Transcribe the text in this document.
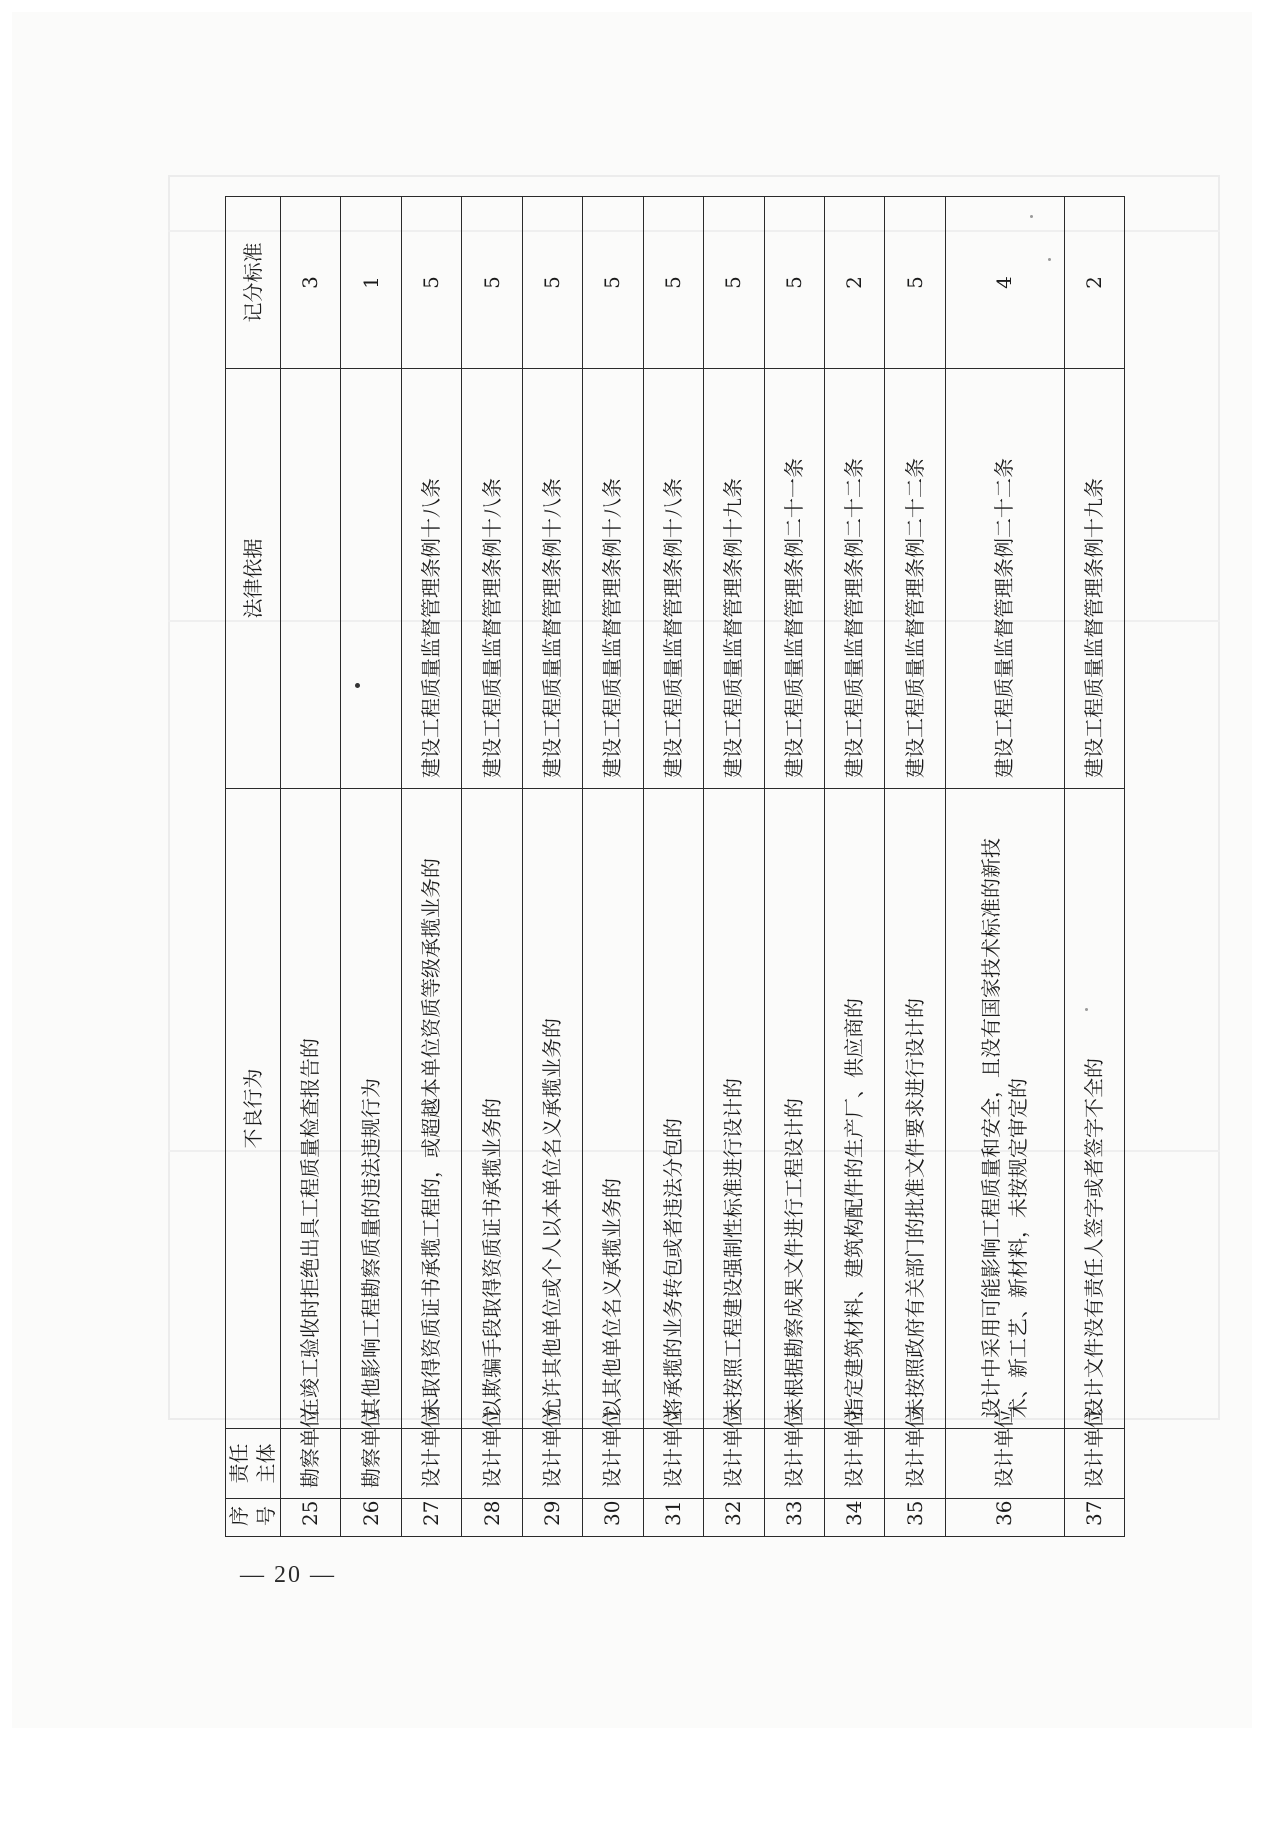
序号	责任主体	不良行为	法律依据	记分标准
25	勘察单位	在竣工验收时拒绝出具工程质量检查报告的		3
26	勘察单位	其他影响工程勘察质量的违法违规行为		1
27	设计单位	未取得资质证书承揽工程的，或超越本单位资质等级承揽业务的	建设工程质量监督管理条例十八条	5
28	设计单位	以欺骗手段取得资质证书承揽业务的	建设工程质量监督管理条例十八条	5
29	设计单位	允许其他单位或个人以本单位名义承揽业务的	建设工程质量监督管理条例十八条	5
30	设计单位	以其他单位名义承揽业务的	建设工程质量监督管理条例十八条	5
31	设计单位	将承揽的业务转包或者违法分包的	建设工程质量监督管理条例十八条	5
32	设计单位	未按照工程建设强制性标准进行设计的	建设工程质量监督管理条例十九条	5
33	设计单位	未根据勘察成果文件进行工程设计的	建设工程质量监督管理条例二十一条	5
34	设计单位	指定建筑材料、建筑构配件的生产厂、供应商的	建设工程质量监督管理条例二十二条	2
35	设计单位	未按照政府有关部门的批准文件要求进行设计的	建设工程质量监督管理条例二十二条	5
36	设计单位	设计中采用可能影响工程质量和安全，且没有国家技术标准的新技术、新工艺、新材料，未按规定审定的	建设工程质量监督管理条例二十二条	4
37	设计单位	设计文件没有责任人签字或者签字不全的	建设工程质量监督管理条例十九条	2
— 20 —
